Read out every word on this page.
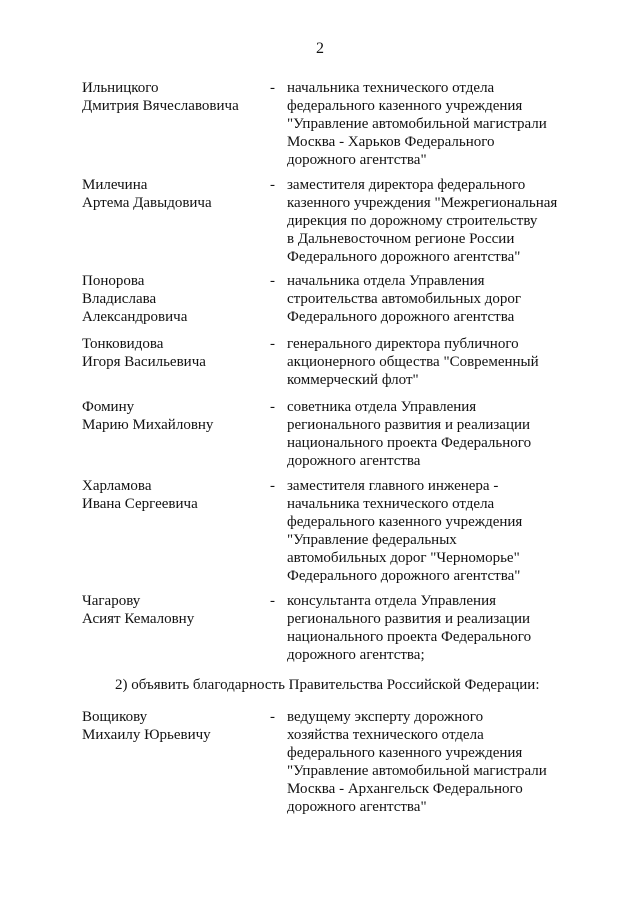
2
Ильницкого
Дмитрия Вячеславовича
- начальника технического отдела
федерального казенного учреждения
"Управление автомобильной магистрали
Москва - Харьков Федерального
дорожного агентства"
Милечина
Артема Давыдовича
- заместителя директора федерального
казенного учреждения "Межрегиональная
дирекция по дорожному строительству
в Дальневосточном регионе России
Федерального дорожного агентства"
Понорова
Владислава
Александровича
- начальника отдела Управления
строительства автомобильных дорог
Федерального дорожного агентства
Тонковидова
Игоря Васильевича
- генерального директора публичного
акционерного общества "Современный
коммерческий флот"
Фомину
Марию Михайловну
- советника отдела Управления
регионального развития и реализации
национального проекта Федерального
дорожного агентства
Харламова
Ивана Сергеевича
- заместителя главного инженера -
начальника технического отдела
федерального казенного учреждения
"Управление федеральных
автомобильных дорог "Черноморье"
Федерального дорожного агентства"
Чагарову
Асият Кемаловну
- консультанта отдела Управления
регионального развития и реализации
национального проекта Федерального
дорожного агентства;
2) объявить благодарность Правительства Российской Федерации:
Вощикову
Михаилу Юрьевичу
- ведущему эксперту дорожного
хозяйства технического отдела
федерального казенного учреждения
"Управление автомобильной магистрали
Москва - Архангельск Федерального
дорожного агентства"
